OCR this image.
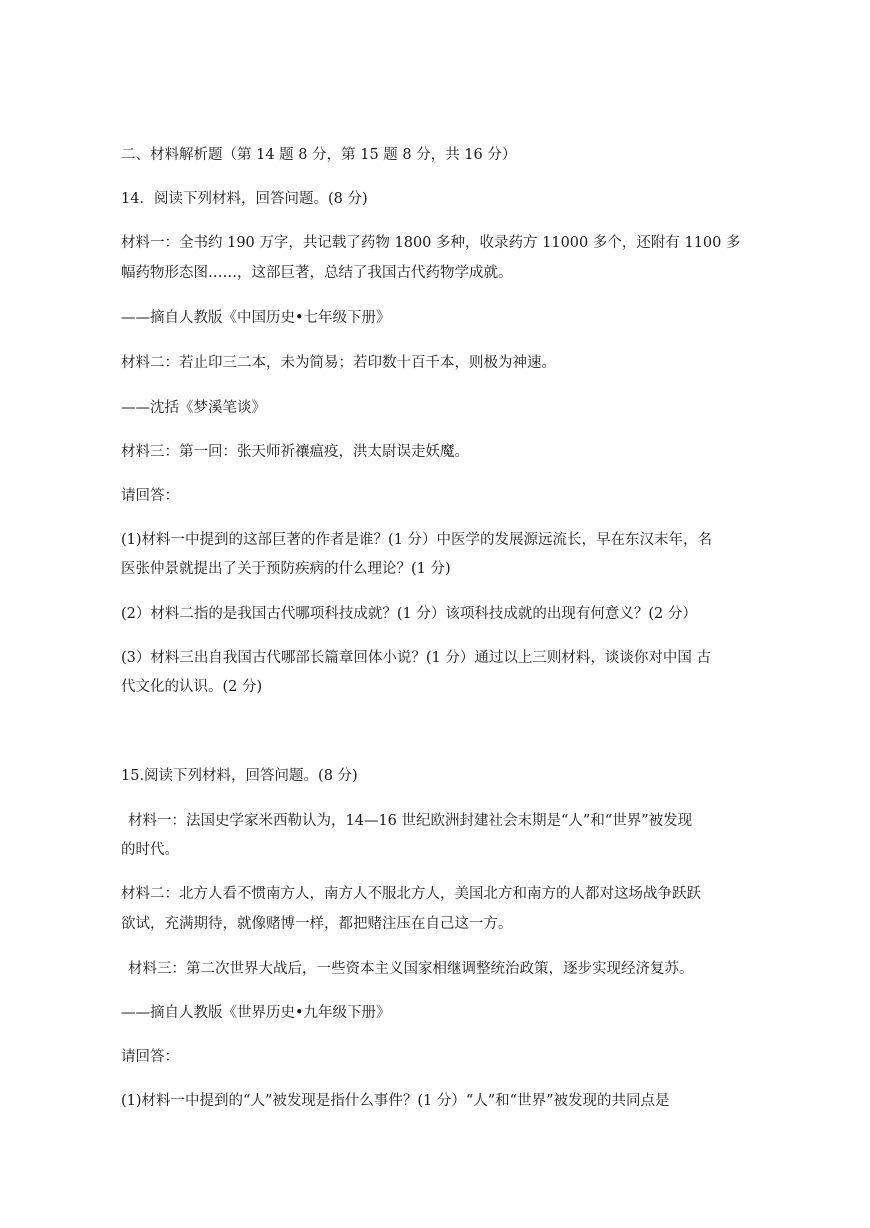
二、材料解析题（第 14 题 8 分，第 15 题 8 分，共 16 分）
14．阅读下列材料，回答问题。(8 分)
材料一：全书约 190 万字，共记载了药物 1800 多种，收录药方 11000 多个，还附有 1100 多
幅药物形态图……，这部巨著，总结了我国古代药物学成就。
——摘自人教版《中国历史•七年级下册》
材料二：若止印三二本，未为简易；若印数十百千本，则极为神速。
——沈括《梦溪笔谈》
材料三：第一回：张天师祈禳瘟疫，洪太尉误走妖魔。
请回答：
(1)材料一中提到的这部巨著的作者是谁？(1 分）中医学的发展源远流长，早在东汉末年，名
医张仲景就提出了关于预防疾病的什么理论？(1 分)
(2）材料二指的是我国古代哪项科技成就？(1 分）该项科技成就的出现有何意义？(2 分）
(3）材料三出自我国古代哪部长篇章回体小说？(1 分）通过以上三则材料，谈谈你对中国 古
代文化的认识。(2 分)
15.阅读下列材料，回答问题。(8 分)
材料一：法国史学家米西勒认为，14—16 世纪欧洲封建社会末期是“人”和“世界”被发现
的时代。
材料二：北方人看不惯南方人，南方人不服北方人，美国北方和南方的人都对这场战争跃跃
欲试，充满期待，就像赌博一样，都把赌注压在自己这一方。
材料三：第二次世界大战后，一些资本主义国家相继调整统治政策，逐步实现经济复苏。
——摘自人教版《世界历史•九年级下册》
请回答：
(1)材料一中提到的“人”被发现是指什么事件？(1 分）“人”和“世界”被发现的共同点是
